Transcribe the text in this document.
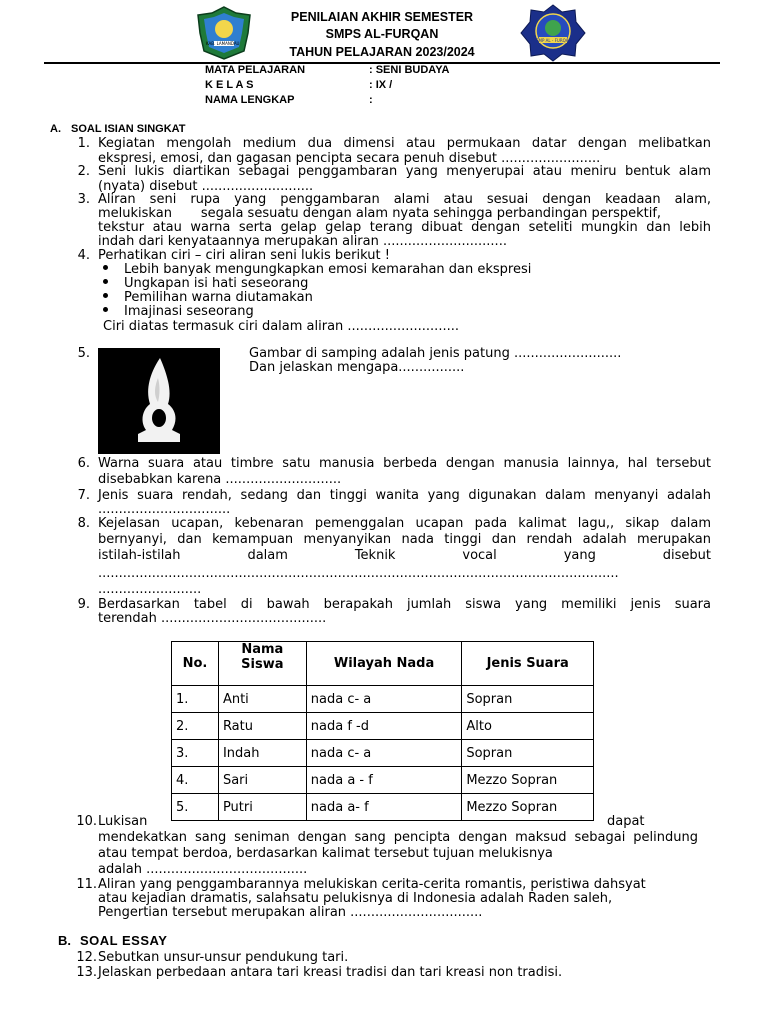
KAB. LAMANDAU
SMP AL - FURQAN
PENILAIAN AKHIR SEMESTER
SMPS AL-FURQAN
TAHUN PELAJARAN 2023/2024
MATA PELAJARAN	: SENI BUDAYA
K E L A S	: IX /
NAMA LENGKAP	:
A. SOAL ISIAN SINGKAT
1. Kegiatan mengolah medium dua dimensi atau permukaan datar dengan melibatkan
ekspresi, emosi, dan gagasan pencipta secara penuh disebut ........................
2. Seni lukis diartikan sebagai penggambaran yang menyerupai atau meniru bentuk alam
(nyata) disebut ...........................
3. Aliran seni rupa yang penggambaran alami atau sesuai dengan keadaan alam,
melukiskan       segala sesuatu dengan alam nyata sehingga perbandingan perspektif,
tekstur atau warna serta gelap gelap terang dibuat dengan seteliti mungkin dan lebih
indah dari kenyataannya merupakan aliran ..............................
4. Perhatikan ciri – ciri aliran seni lukis berikut !
Lebih banyak mengungkapkan emosi kemarahan dan ekspresi
Ungkapan isi hati seseorang
Pemilihan warna diutamakan
Imajinasi seseorang
Ciri diatas termasuk ciri dalam aliran ...........................
5.	Gambar di samping adalah jenis patung ..........................
Dan jelaskan mengapa................
6. Warna suara atau timbre satu manusia berbeda dengan manusia lainnya, hal tersebut
disebabkan karena ............................
7. Jenis suara rendah, sedang dan tinggi wanita yang digunakan dalam menyanyi adalah
................................
8. Kejelasan ucapan, kebenaran pemenggalan ucapan pada kalimat lagu,, sikap dalam
bernyanyi, dan kemampuan menyanyikan nada tinggi dan rendah adalah merupakan
istilah-istilah dalam Teknik vocal yang disebut
..............................................................................................................................
.........................
9. Berdasarkan tabel di bawah berapakah jumlah siswa yang memiliki jenis suara
terendah ........................................
No.	Nama Siswa	Wilayah Nada	Jenis Suara
1.	Anti	nada c- a	Sopran
2.	Ratu	nada f -d	Alto
3.	Indah	nada c- a	Sopran
4.	Sari	nada a - f	Mezzo Sopran
5.	Putri	nada a- f	Mezzo Sopran
10. Lukisan	dapat
mendekatkan sang seniman dengan sang pencipta dengan maksud sebagai pelindung
atau tempat berdoa, berdasarkan kalimat tersebut tujuan melukisnya
adalah .......................................
11. Aliran yang penggambarannya melukiskan cerita-cerita romantis, peristiwa dahsyat
atau kejadian dramatis, salahsatu pelukisnya di Indonesia adalah Raden saleh,
Pengertian tersebut merupakan aliran ................................
B. SOAL ESSAY
12. Sebutkan unsur-unsur pendukung tari.
13. Jelaskan perbedaan antara tari kreasi tradisi dan tari kreasi non tradisi.
